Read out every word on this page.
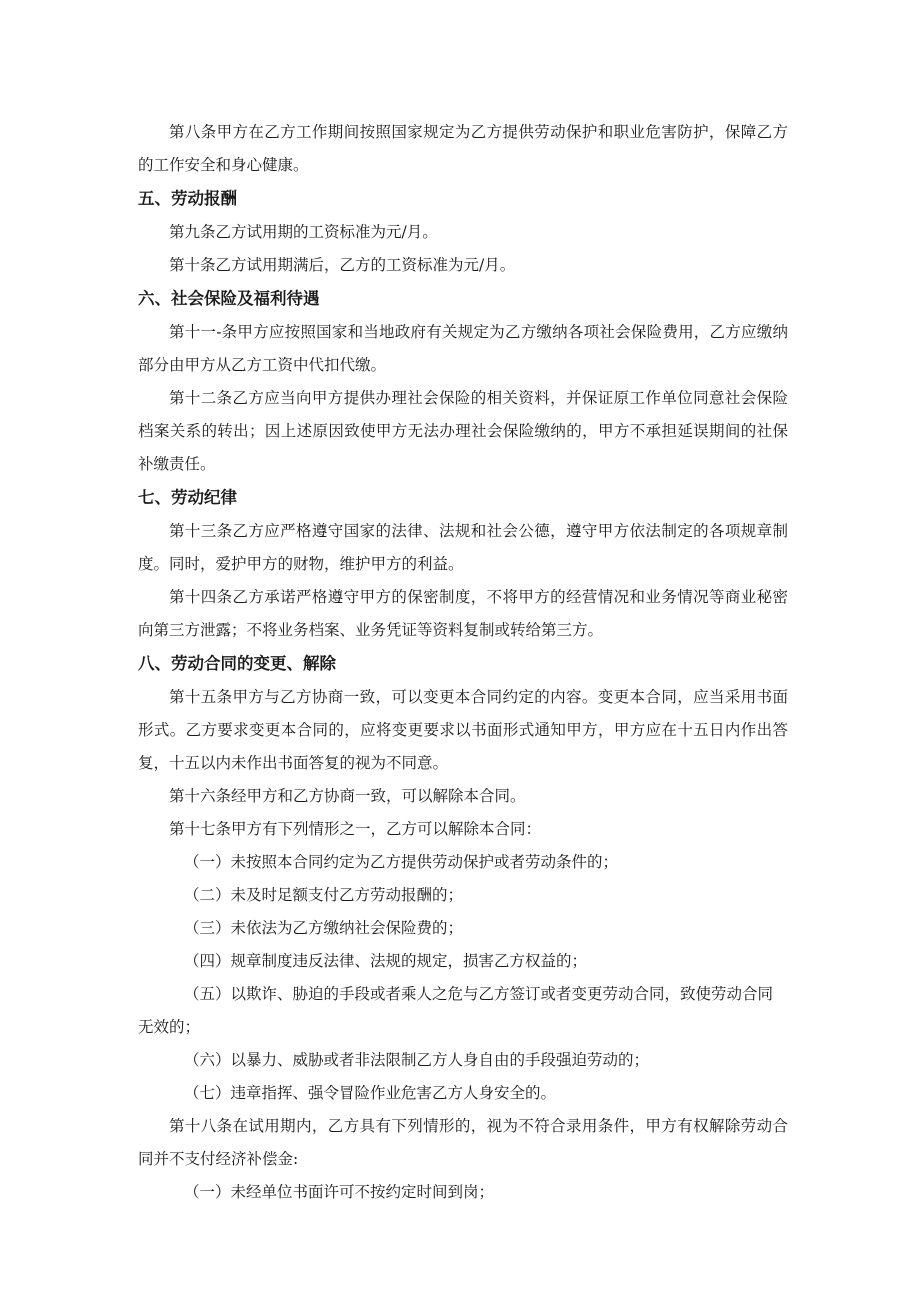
第八条甲方在乙方工作期间按照国家规定为乙方提供劳动保护和职业危害防护，保障乙方的工作安全和身心健康。

五、劳动报酬

第九条乙方试用期的工资标准为元/月。

第十条乙方试用期满后，乙方的工资标准为元/月。

六、社会保险及福利待遇

第十一-条甲方应按照国家和当地政府有关规定为乙方缴纳各项社会保险费用，乙方应缴纳部分由甲方从乙方工资中代扣代缴。

第十二条乙方应当向甲方提供办理社会保险的相关资料，并保证原工作单位同意社会保险档案关系的转出；因上述原因致使甲方无法办理社会保险缴纳的，甲方不承担延误期间的社保补缴责任。

七、劳动纪律

第十三条乙方应严格遵守国家的法律、法规和社会公德，遵守甲方依法制定的各项规章制度。同时，爱护甲方的财物，维护甲方的利益。

第十四条乙方承诺严格遵守甲方的保密制度，不将甲方的经营情况和业务情况等商业秘密向第三方泄露；不将业务档案、业务凭证等资料复制或转给第三方。

八、劳动合同的变更、解除

第十五条甲方与乙方协商一致，可以变更本合同约定的内容。变更本合同，应当采用书面形式。乙方要求变更本合同的，应将变更要求以书面形式通知甲方，甲方应在十五日内作出答复，十五以内未作出书面答复的视为不同意。

第十六条经甲方和乙方协商一致，可以解除本合同。

第十七条甲方有下列情形之一，乙方可以解除本合同：

（一）未按照本合同约定为乙方提供劳动保护或者劳动条件的；

（二）未及时足额支付乙方劳动报酬的；

（三）未依法为乙方缴纳社会保险费的；

（四）规章制度违反法律、法规的规定，损害乙方权益的；

（五）以欺诈、胁迫的手段或者乘人之危与乙方签订或者变更劳动合同，致使劳动合同无效的；

（六）以暴力、威胁或者非法限制乙方人身自由的手段强迫劳动的；

（七）违章指挥、强令冒险作业危害乙方人身安全的。

第十八条在试用期内，乙方具有下列情形的，视为不符合录用条件，甲方有权解除劳动合同并不支付经济补偿金:

（一）未经单位书面许可不按约定时间到岗；
